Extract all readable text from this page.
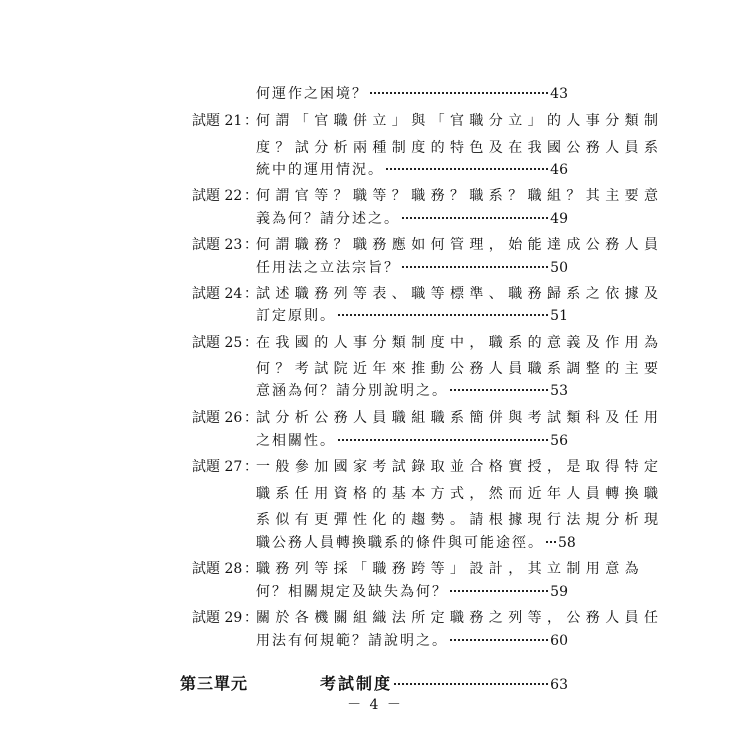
何運作之困境？	43
試題 21 ：
何謂「官職併立」與「官職分立」的人事分類制
度？試分析兩種制度的特色及在我國公務人員系
統中的運用情況。	46
試題 22 ：
何謂官等？職等？職務？職系？職組？其主要意
義為何？請分述之。	49
試題 23 ：
何謂職務？職務應如何管理，始能達成公務人員
任用法之立法宗旨？	50
試題 24 ：
試述職務列等表、職等標準、職務歸系之依據及
訂定原則。	51
試題 25 ：
在我國的人事分類制度中，職系的意義及作用為
何？考試院近年來推動公務人員職系調整的主要
意涵為何？請分別說明之。	53
試題 26 ：
試分析公務人員職組職系簡併與考試類科及任用
之相關性。	56
試題 27 ：
一般參加國家考試錄取並合格實授，是取得特定
職系任用資格的基本方式，然而近年人員轉換職
系似有更彈性化的趨勢。請根據現行法規分析現
職公務人員轉換職系的條件與可能途徑。 58
試題 28 ：
職務列等採「職務跨等」設計，其立制用意為
何？相關規定及缺失為何？	59
試題 29 ：
關於各機關組織法所定職務之列等，公務人員任
用法有何規範？請說明之。	60
第三單元	考試制度	63
－ 4 －
